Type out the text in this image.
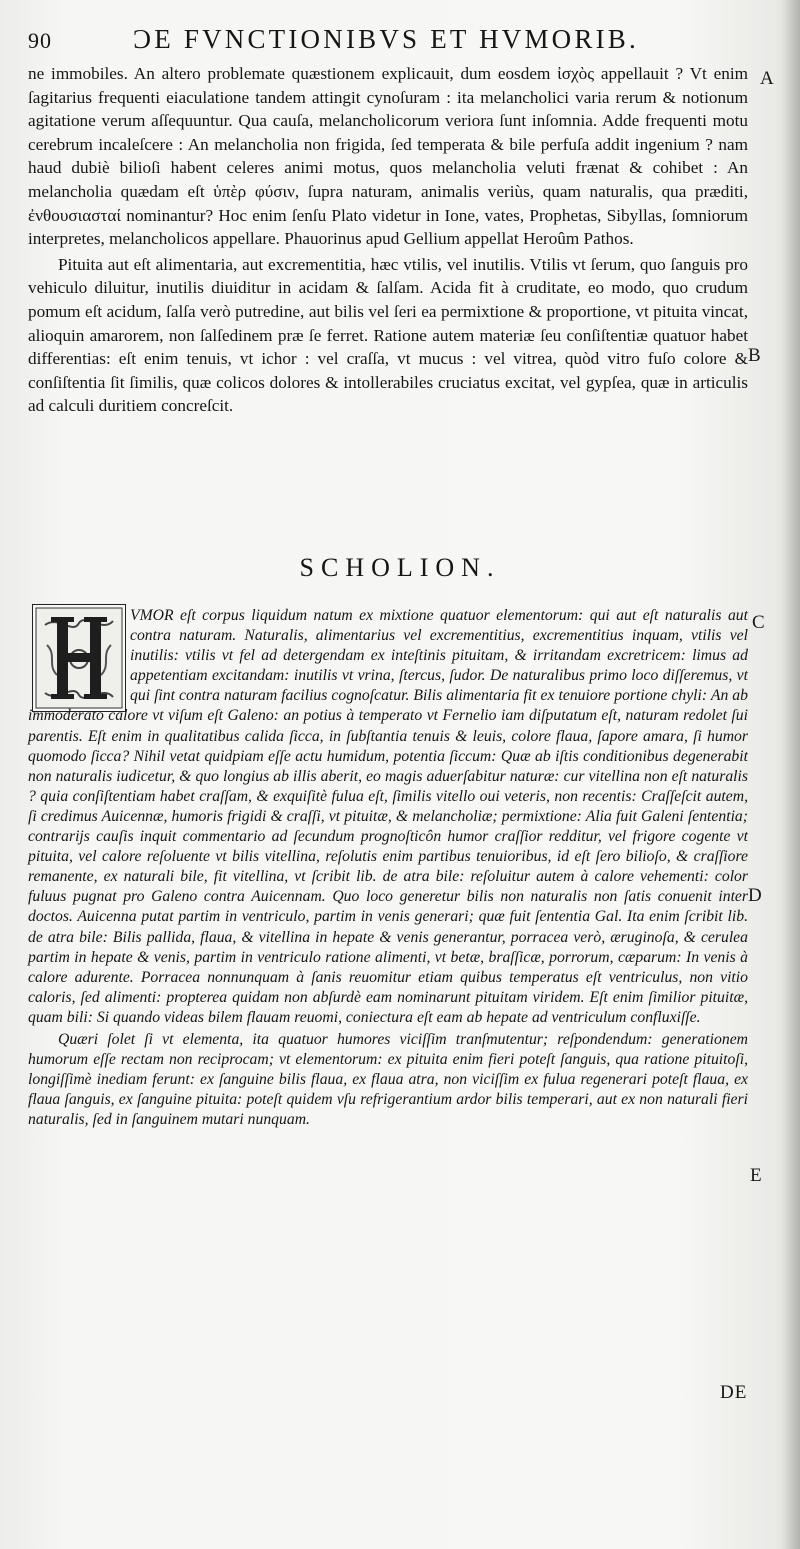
90	ƆE FVNCTIONIBVS ET HVMORIB.
A
B
C
D
E

ne immobiles. An altero problemate quæstionem explicauit, dum eosdem ἰσχὸς appellauit ? Vt enim ſagitarius frequenti eiaculatione tandem attingit cynoſuram : ita melancholici varia rerum & notionum agitatione verum aſſequuntur. Qua cauſa, melancholicorum veriora ſunt inſomnia. Adde frequenti motu cerebrum incaleſcere : An melancholia non frigida, ſed temperata & bile perfuſa addit ingenium ? nam haud dubiè bilioſi habent celeres animi motus, quos melancholia veluti frænat & cohibet : An melancholia quædam eſt ὑπὲρ φύσιν, ſupra naturam, animalis veriùs, quam naturalis, qua præditi, ἐνθουσιασταί nominantur? Hoc enim ſenſu Plato videtur in Ione, vates, Prophetas, Sibyllas, ſomniorum interpretes, melancholicos appellare. Phauorinus apud Gellium appellat Heroûm Pathos.

Pituita aut eſt alimentaria, aut excrementitia, hæc vtilis, vel inutilis. Vtilis vt ſerum, quo ſanguis pro vehiculo diluitur, inutilis diuiditur in acidam & ſalſam. Acida fit à cruditate, eo modo, quo crudum pomum eſt acidum, ſalſa verò putredine, aut bilis vel ſeri ea permixtione & proportione, vt pituita vincat, alioquin amarorem, non ſalſedinem præ ſe ferret. Ratione autem materiæ ſeu conſiſtentiæ quatuor habet differentias: eſt enim tenuis, vt ichor : vel craſſa, vt mucus : vel vitrea, quòd vitro fuſo colore & conſiſtentia ſit ſimilis, quæ colicos dolores & intollerabiles cruciatus excitat, vel gypſea, quæ in articulis ad calculi duritiem concreſcit.

SCHOLION.

VMOR eſt corpus liquidum natum ex mixtione quatuor elementorum: qui aut eſt naturalis aut contra naturam. Naturalis, alimentarius vel excrementitius, excrementitius inquam, vtilis vel inutilis: vtilis vt fel ad detergendam ex inteſtinis pituitam, & irritandam excretricem: limus ad appetentiam excitandam: inutilis vt vrina, ſtercus, ſudor. De naturalibus primo loco diſſeremus, vt qui ſint contra naturam facilius cognoſcatur. Bilis alimentaria fit ex tenuiore portione chyli: An ab immoderato calore vt viſum eſt Galeno: an potius à temperato vt Fernelio iam diſputatum eſt, naturam redolet ſui parentis. Eſt enim in qualitatibus calida ſicca, in ſubſtantia tenuis & leuis, colore flaua, ſapore amara, ſi humor quomodo ſicca? Nihil vetat quidpiam eſſe actu humidum, potentia ſiccum: Quæ ab iſtis conditionibus degenerabit non naturalis iudicetur, & quo longius ab illis aberit, eo magis aduerſabitur naturæ: cur vitellina non eſt naturalis ? quia conſiſtentiam habet craſſam, & exquiſitè fulua eſt, ſimilis vitello oui veteris, non recentis: Craſſeſcit autem, ſi credimus Auicennæ, humoris frigidi & craſſi, vt pituitæ, & melancholiæ; permixtione: Alia fuit Galeni ſententia; contrarijs cauſis inquit commentario ad ſecundum prognoſticôn humor craſſior redditur, vel frigore cogente vt pituita, vel calore reſoluente vt bilis vitellina, reſolutis enim partibus tenuioribus, id eſt ſero bilioſo, & craſſiore remanente, ex naturali bile, fit vitellina, vt ſcribit lib. de atra bile: reſoluitur autem à calore vehementi: color fuluus pugnat pro Galeno contra Auicennam. Quo loco generetur bilis non naturalis non ſatis conuenit inter doctos. Auicenna putat partim in ventriculo, partim in venis generari; quæ fuit ſententia Gal. Ita enim ſcribit lib. de atra bile: Bilis pallida, flaua, & vitellina in hepate & venis generantur, porracea verò, æruginoſa, & cerulea partim in hepate & venis, partim in ventriculo ratione alimenti, vt betæ, braſſicæ, porrorum, cæparum: In venis à calore adurente. Porracea nonnunquam à ſanis reuomitur etiam quibus temperatus eſt ventriculus, non vitio caloris, ſed alimenti: propterea quidam non abſurdè eam nominarunt pituitam viridem. Eſt enim ſimilior pituitæ, quam bili: Si quando videas bilem flauam reuomi, coniectura eſt eam ab hepate ad ventriculum confluxiſſe.

Quæri ſolet ſi vt elementa, ita quatuor humores viciſſim tranſmutentur; reſpondendum: generationem humorum eſſe rectam non reciprocam; vt elementorum: ex pituita enim fieri poteſt ſanguis, qua ratione pituitoſi, longiſſimè inediam ferunt: ex ſanguine bilis flaua, ex flaua atra, non viciſſim ex fulua regenerari poteſt flaua, ex flaua ſanguis, ex ſanguine pituita: poteſt quidem vſu refrigerantium ardor bilis temperari, aut ex non naturali fieri naturalis, ſed in ſanguinem mutari nunquam.

DE
